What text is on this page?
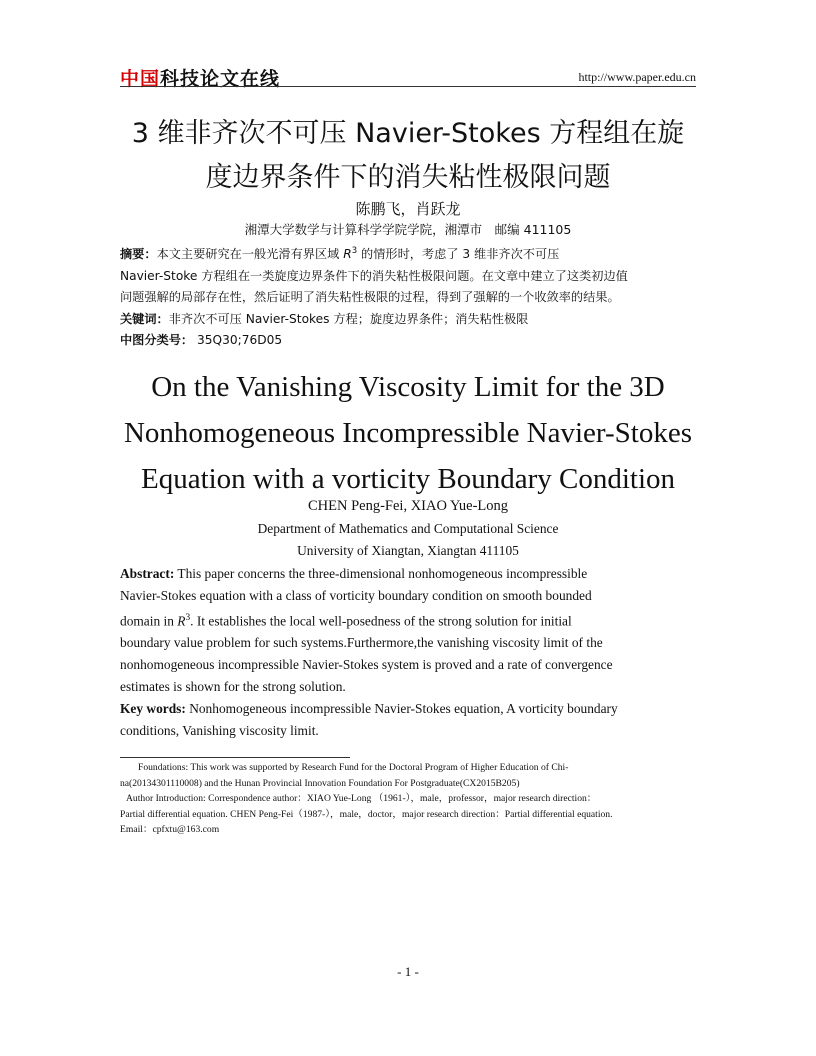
中国科技论文在线	http://www.paper.edu.cn
3 维非齐次不可压 Navier-Stokes 方程组在旋
度边界条件下的消失粘性极限问题
陈鹏飞，肖跃龙
湘潭大学数学与计算科学学院学院，湘潭市　邮编 411105
摘要：本文主要研究在一般光滑有界区域 $R^3$ 的情形时，考虑了 3 维非齐次不可压
Navier-Stoke 方程组在一类旋度边界条件下的消失粘性极限问题。在文章中建立了这类初边值
问题强解的局部存在性，然后证明了消失粘性极限的过程，得到了强解的一个收敛率的结果。
关键词：非齐次不可压 Navier-Stokes 方程；旋度边界条件；消失粘性极限
中图分类号： 35Q30;76D05
On the Vanishing Viscosity Limit for the 3D
Nonhomogeneous Incompressible Navier-Stokes
Equation with a vorticity Boundary Condition
CHEN Peng-Fei, XIAO Yue-Long
Department of Mathematics and Computational Science
University of Xiangtan, Xiangtan 411105
Abstract: This paper concerns the three-dimensional nonhomogeneous incompressible
Navier-Stokes equation with a class of vorticity boundary condition on smooth bounded
domain in $R^3$. It establishes the local well-posedness of the strong solution for initial
boundary value problem for such systems.Furthermore,the vanishing viscosity limit of the
nonhomogeneous incompressible Navier-Stokes system is proved and a rate of convergence
estimates is shown for the strong solution.
Key words: Nonhomogeneous incompressible Navier-Stokes equation, A vorticity boundary
conditions, Vanishing viscosity limit.
Foundations: This work was supported by Research Fund for the Doctoral Program of Higher Education of Chi-
na(20134301110008) and the Hunan Provincial Innovation Foundation For Postgraduate(CX2015B205)
Author Introduction: Correspondence author：XIAO Yue-Long （1961-），male，professor，major research direction：
Partial differential equation. CHEN Peng-Fei（1987-），male，doctor，major research direction：Partial differential equation.
Email：cpfxtu@163.com
- 1 -
